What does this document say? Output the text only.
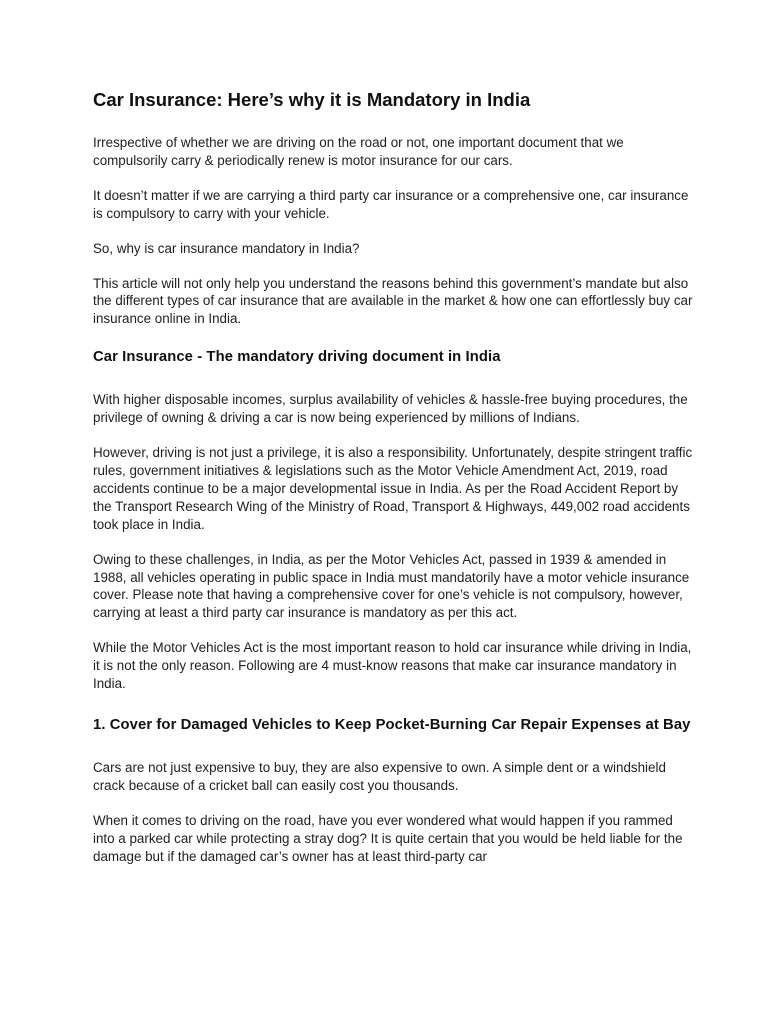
Car Insurance: Here’s why it is Mandatory in India

Irrespective of whether we are driving on the road or not, one important document that we compulsorily carry & periodically renew is motor insurance for our cars.

It doesn’t matter if we are carrying a third party car insurance or a comprehensive one, car insurance is compulsory to carry with your vehicle.

So, why is car insurance mandatory in India?

This article will not only help you understand the reasons behind this government’s mandate but also the different types of car insurance that are available in the market & how one can effortlessly buy car insurance online in India.

Car Insurance - The mandatory driving document in India

With higher disposable incomes, surplus availability of vehicles & hassle-free buying procedures, the privilege of owning & driving a car is now being experienced by millions of Indians.

However, driving is not just a privilege, it is also a responsibility. Unfortunately, despite stringent traffic rules, government initiatives & legislations such as the Motor Vehicle Amendment Act, 2019, road accidents continue to be a major developmental issue in India. As per the Road Accident Report by the Transport Research Wing of the Ministry of Road, Transport & Highways, 449,002 road accidents took place in India.

Owing to these challenges, in India, as per the Motor Vehicles Act, passed in 1939 & amended in 1988, all vehicles operating in public space in India must mandatorily have a motor vehicle insurance cover. Please note that having a comprehensive cover for one’s vehicle is not compulsory, however, carrying at least a third party car insurance is mandatory as per this act.

While the Motor Vehicles Act is the most important reason to hold car insurance while driving in India, it is not the only reason. Following are 4 must-know reasons that make car insurance mandatory in India.

1. Cover for Damaged Vehicles to Keep Pocket-Burning Car Repair Expenses at Bay

Cars are not just expensive to buy, they are also expensive to own. A simple dent or a windshield crack because of a cricket ball can easily cost you thousands.

When it comes to driving on the road, have you ever wondered what would happen if you rammed into a parked car while protecting a stray dog? It is quite certain that you would be held liable for the damage but if the damaged car’s owner has at least third-party car
